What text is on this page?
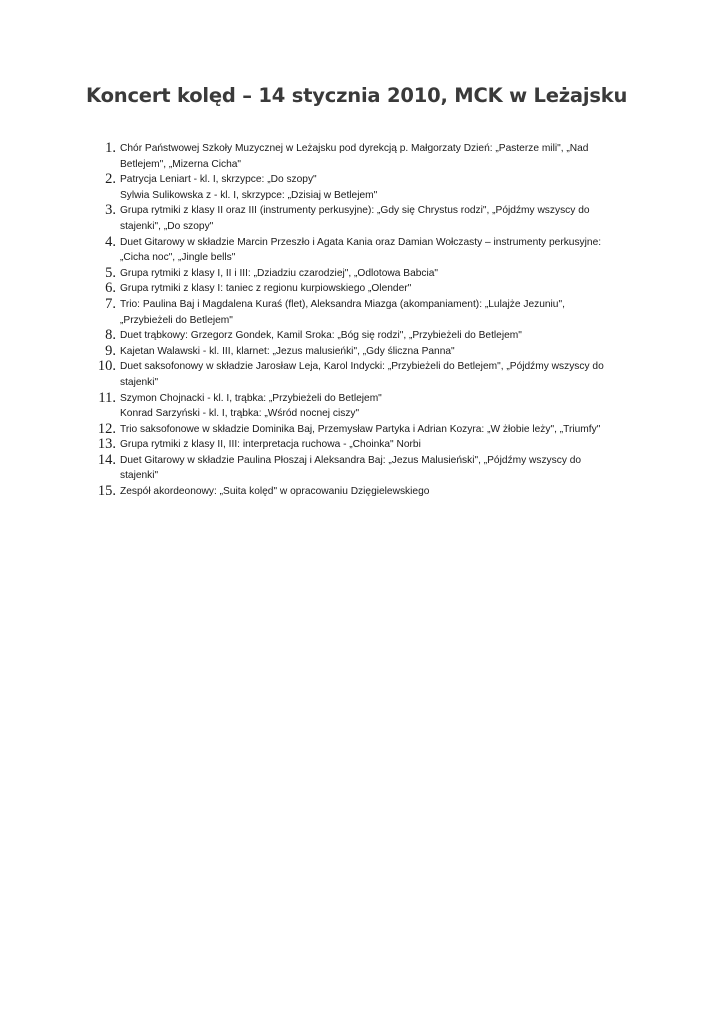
Koncert kolęd – 14 stycznia 2010, MCK w Leżajsku
1. Chór Państwowej Szkoły Muzycznej w Leżajsku pod dyrekcją p. Małgorzaty Dzień: „Pasterze mili", „Nad
Betlejem", „Mizerna Cicha"
2. Patrycja Leniart - kl. I, skrzypce: „Do szopy"
Sylwia Sulikowska z - kl. I, skrzypce: „Dzisiaj w Betlejem"
3. Grupa rytmiki z klasy II oraz III (instrumenty perkusyjne): „Gdy się Chrystus rodzi", „Pójdźmy wszyscy do
stajenki", „Do szopy"
4. Duet Gitarowy w składzie Marcin Przeszło i Agata Kania oraz Damian Wołczasty – instrumenty perkusyjne:
„Cicha noc", „Jingle bells"
5. Grupa rytmiki z klasy I, II i III: „Dziadziu czarodziej", „Odlotowa Babcia"
6. Grupa rytmiki z klasy I: taniec z regionu kurpiowskiego „Olender"
7. Trio: Paulina Baj i Magdalena Kuraś (flet), Aleksandra Miazga (akompaniament): „Lulajże Jezuniu",
„Przybieżeli do Betlejem"
8. Duet trąbkowy: Grzegorz Gondek, Kamil Sroka: „Bóg się rodzi", „Przybieżeli do Betlejem"
9. Kajetan Walawski - kl. III, klarnet: „Jezus malusieńki", „Gdy śliczna Panna"
10. Duet saksofonowy w składzie Jarosław Leja, Karol Indycki: „Przybieżeli do Betlejem", „Pójdźmy wszyscy do
stajenki"
11. Szymon Chojnacki - kl. I, trąbka: „Przybieżeli do Betlejem"
Konrad Sarzyński - kl. I, trąbka: „Wśród nocnej ciszy"
12. Trio saksofonowe w składzie Dominika Baj, Przemysław Partyka i Adrian Kozyra: „W żłobie leży", „Triumfy"
13. Grupa rytmiki z klasy II, III: interpretacja ruchowa - „Choinka" Norbi
14. Duet Gitarowy w składzie Paulina Płoszaj i Aleksandra Baj: „Jezus Malusieński", „Pójdźmy wszyscy do
stajenki"
15. Zespół akordeonowy: „Suita kolęd" w opracowaniu Dzięgielewskiego
